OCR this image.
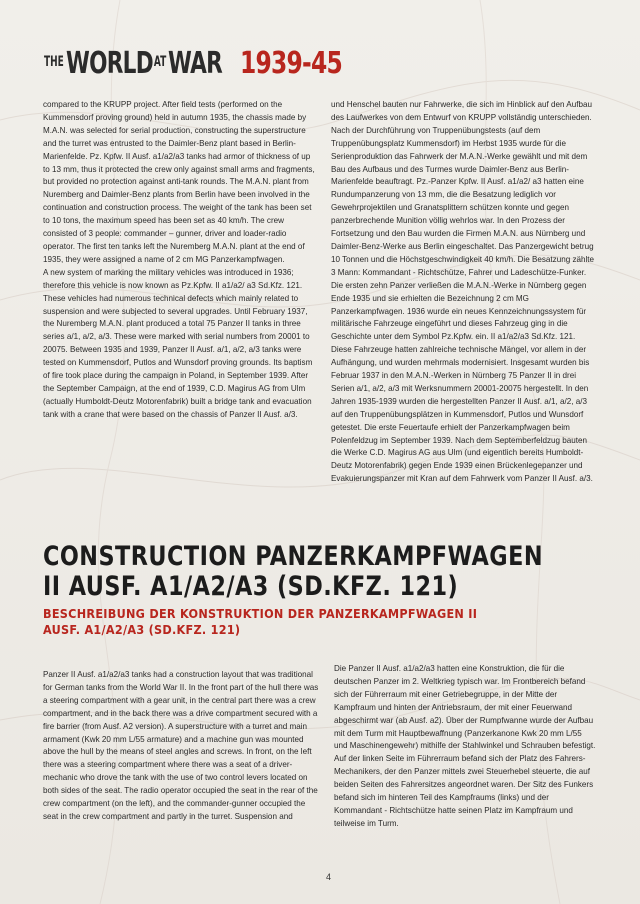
THE WORLD AT WAR 1939-45

compared to the KRUPP project. After field tests (performed on the Kummensdorf proving ground) held in autumn 1935, the chassis made by M.A.N. was selected for serial production, constructing the superstructure and the turret was entrusted to the Daimler-Benz plant based in Berlin-Marienfelde. Pz. Kpfw. II Ausf. a1/a2/a3 tanks had armor of thickness of up to 13 mm, thus it protected the crew only against small arms and fragments, but provided no protection against anti-tank rounds. The M.A.N. plant from Nuremberg and Daimler-Benz plants from Berlin have been involved in the continuation and construction process. The weight of the tank has been set to 10 tons, the maximum speed has been set as 40 km/h. The crew consisted of 3 people: commander – gunner, driver and loader-radio operator. The first ten tanks left the Nuremberg M.A.N. plant at the end of 1935, they were assigned a name of 2 cm MG Panzerkampfwagen.

A new system of marking the military vehicles was introduced in 1936; therefore this vehicle is now known as Pz.Kpfw. II a1/a2/ a3 Sd.Kfz. 121. These vehicles had numerous technical defects which mainly related to suspension and were subjected to several upgrades. Until February 1937, the Nuremberg M.A.N. plant produced a total 75 Panzer II tanks in three series a/1, a/2, a/3. These were marked with serial numbers from 20001 to 20075. Between 1935 and 1939, Panzer II Ausf. a/1, a/2, a/3 tanks were tested on Kummensdorf, Putlos and Wunsdorf proving grounds. Its baptism of fire took place during the campaign in Poland, in September 1939. After the September Campaign, at the end of 1939, C.D. Magirus AG from Ulm (actually Humboldt-Deutz Motorenfabrik) built a bridge tank and evacuation tank with a crane that were based on the chassis of Panzer II Ausf. a/3.

und Henschel bauten nur Fahrwerke, die sich im Hinblick auf den Aufbau des Laufwerkes von dem Entwurf von KRUPP vollständig unterschieden. Nach der Durchführung von Truppenübungstests (auf dem Truppenübungsplatz Kummensdorf) im Herbst 1935 wurde für die Serienproduktion das Fahrwerk der M.A.N.-Werke gewählt und mit dem Bau des Aufbaus und des Turmes wurde Daimler-Benz aus Berlin-Marienfelde beauftragt. Pz.-Panzer Kpfw. II Ausf. a1/a2/ a3 hatten eine Rundumpanzerung von 13 mm, die die Besatzung lediglich vor Gewehrprojektilen und Granatsplittern schützen konnte und gegen panzerbrechende Munition völlig wehrlos war. In den Prozess der Fortsetzung und den Bau wurden die Firmen M.A.N. aus Nürnberg und Daimler-Benz-Werke aus Berlin eingeschaltet. Das Panzergewicht betrug 10 Tonnen und die Höchstgeschwindigkeit 40 km/h. Die Besatzung zählte 3 Mann: Kommandant - Richtschütze, Fahrer und Ladeschütze-Funker. Die ersten zehn Panzer verließen die M.A.N.-Werke in Nürnberg gegen Ende 1935 und sie erhielten die Bezeichnung 2 cm MG Panzerkampfwagen. 1936 wurde ein neues Kennzeichnungssystem für militärische Fahrzeuge eingeführt und dieses Fahrzeug ging in die Geschichte unter dem Symbol Pz.Kpfw. ein. II a1/a2/a3 Sd.Kfz. 121. Diese Fahrzeuge hatten zahlreiche technische Mängel, vor allem in der Aufhängung, und wurden mehrmals modernisiert. Insgesamt wurden bis Februar 1937 in den M.A.N.-Werken in Nürnberg 75 Panzer II in drei Serien a/1, a/2, a/3 mit Werksnummern 20001-20075 hergestellt. In den Jahren 1935-1939 wurden die hergestellten Panzer II Ausf. a/1, a/2, a/3 auf den Truppenübungsplätzen in Kummensdorf, Putlos und Wunsdorf getestet. Die erste Feuertaufe erhielt der Panzerkampfwagen beim Polenfeldzug im September 1939. Nach dem Septemberfeldzug bauten die Werke C.D. Magirus AG aus Ulm (und eigentlich bereits Humboldt-Deutz Motorenfabrik) gegen Ende 1939 einen Brückenlegepanzer und Evakuierungspanzer mit Kran auf dem Fahrwerk vom Panzer II Ausf. a/3.

CONSTRUCTION PANZERKAMPFWAGEN
II AUSF. A1/A2/A3 (SD.KFZ. 121)
BESCHREIBUNG DER KONSTRUKTION DER PANZERKAMPFWAGEN II
AUSF. A1/A2/A3 (SD.KFZ. 121)

Panzer II Ausf. a1/a2/a3 tanks had a construction layout that was traditional for German tanks from the World War II. In the front part of the hull there was a steering compartment with a gear unit, in the central part there was a crew compartment, and in the back there was a drive compartment secured with a fire barrier (from Ausf. A2 version). A superstructure with a turret and main armament (Kwk 20 mm L/55 armature) and a machine gun was mounted above the hull by the means of steel angles and screws. In front, on the left there was a steering compartment where there was a seat of a driver-mechanic who drove the tank with the use of two control levers located on both sides of the seat. The radio operator occupied the seat in the rear of the crew compartment (on the left), and the commander-gunner occupied the seat in the crew compartment and partly in the turret. Suspension and

Die Panzer II Ausf. a1/a2/a3 hatten eine Konstruktion, die für die deutschen Panzer im 2. Weltkrieg typisch war. Im Frontbereich befand sich der Führerraum mit einer Getriebegruppe, in der Mitte der Kampfraum und hinten der Antriebsraum, der mit einer Feuerwand abgeschirmt war (ab Ausf. a2). Über der Rumpfwanne wurde der Aufbau mit dem Turm mit Hauptbewaffnung (Panzerkanone Kwk 20 mm L/55 und Maschinengewehr) mithilfe der Stahlwinkel und Schrauben befestigt. Auf der linken Seite im Führerraum befand sich der Platz des Fahrers-Mechanikers, der den Panzer mittels zwei Steuerhebel steuerte, die auf beiden Seiten des Fahrersitzes angeordnet waren. Der Sitz des Funkers befand sich im hinteren Teil des Kampfraums (links) und der Kommandant - Richtschütze hatte seinen Platz im Kampfraum und teilweise im Turm.

4
